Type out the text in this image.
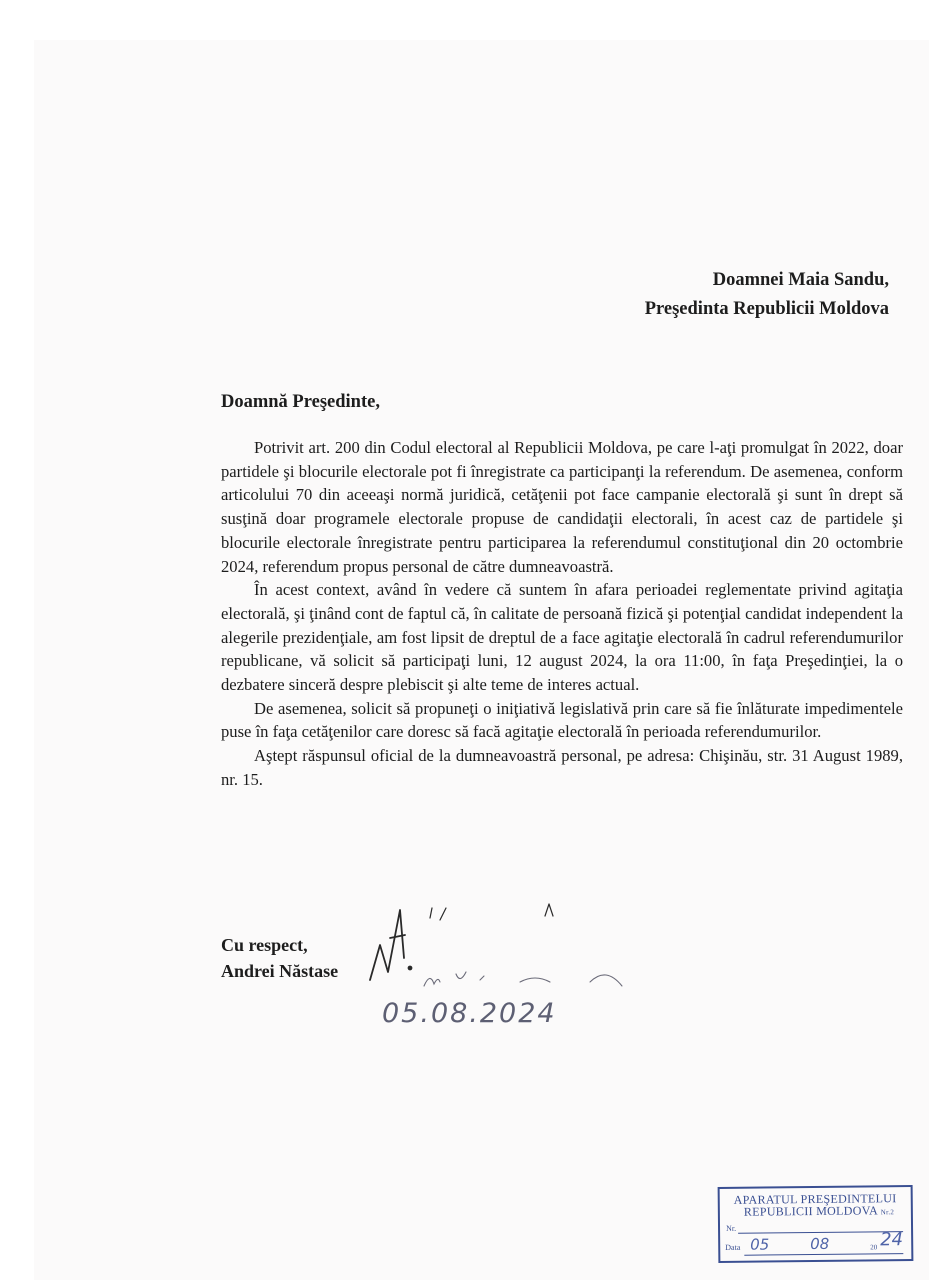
Doamnei Maia Sandu,
Preşedinta Republicii Moldova
Doamnă Preşedinte,

Potrivit art. 200 din Codul electoral al Republicii Moldova, pe care l-aţi promulgat în 2022, doar partidele şi blocurile electorale pot fi înregistrate ca participanţi la referendum. De asemenea, conform articolului 70 din aceeaşi normă juridică, cetăţenii pot face campanie electorală şi sunt în drept să susţină doar programele electorale propuse de candidaţii electorali, în acest caz de partidele şi blocurile electorale înregistrate pentru participarea la referendumul constituţional din 20 octombrie 2024, referendum propus personal de către dumneavoastră.

În acest context, având în vedere că suntem în afara perioadei reglementate privind agitaţia electorală, şi ţinând cont de faptul că, în calitate de persoană fizică şi potenţial candidat independent la alegerile prezidenţiale, am fost lipsit de dreptul de a face agitaţie electorală în cadrul referendumurilor republicane, vă solicit să participaţi luni, 12 august 2024, la ora 11:00, în faţa Preşedinţiei, la o dezbatere sinceră despre plebiscit şi alte teme de interes actual.

De asemenea, solicit să propuneţi o iniţiativă legislativă prin care să fie înlăturate impedimentele puse în faţa cetăţenilor care doresc să facă agitaţie electorală în perioada referendumurilor.

Aştept răspunsul oficial de la dumneavoastră personal, pe adresa: Chişinău, str. 31 August 1989, nr. 15.

Cu respect,
Andrei Năstase
05.08.2024
APARATUL PREŞEDINTELUI
REPUBLICII MOLDOVA Nr.2
Nr.
Data 05	08	20 24
